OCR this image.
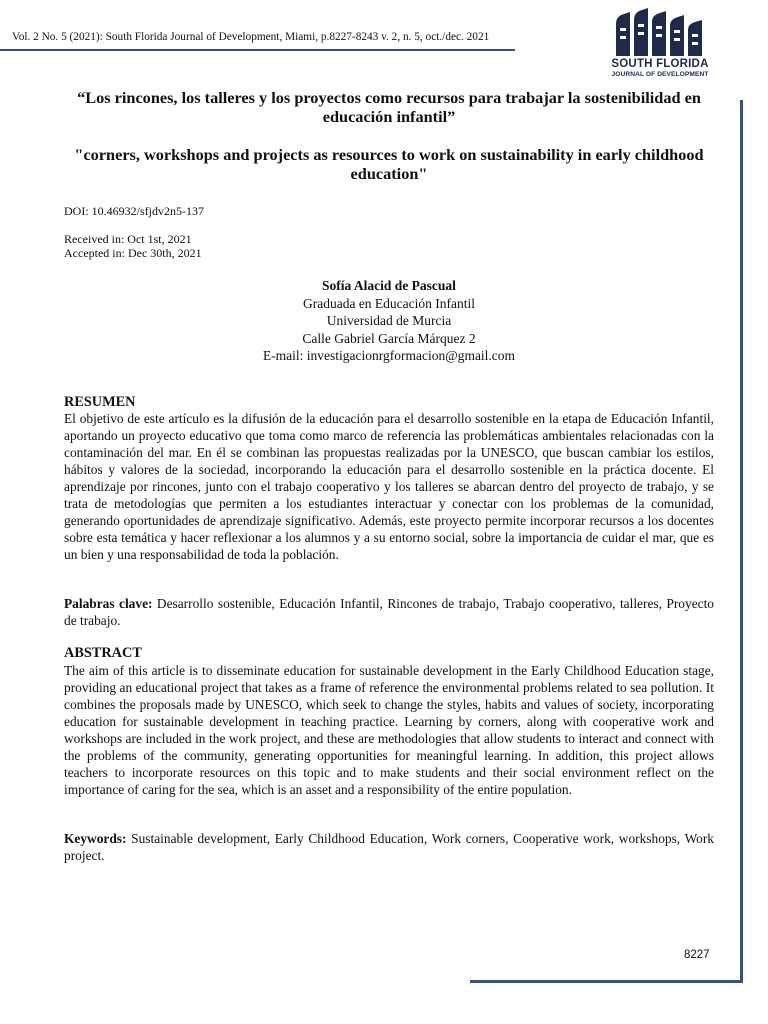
Vol. 2 No. 5 (2021): South Florida Journal of Development, Miami, p.8227-8243 v. 2, n. 5, oct./dec. 2021
SOUTH FLORIDA
JOURNAL OF DEVELOPMENT
“Los rincones, los talleres y los proyectos como recursos para trabajar la sostenibilidad en educación infantil”
"corners, workshops and projects as resources to work on sustainability in early childhood education"
DOI: 10.46932/sfjdv2n5-137
Received in: Oct 1st, 2021
Accepted in: Dec 30th, 2021
Sofía Alacid de Pascual
Graduada en Educación Infantil
Universidad de Murcia
Calle Gabriel García Márquez 2
E-mail: investigacionrgformacion@gmail.com
RESUMEN
El objetivo de este artículo es la difusión de la educación para el desarrollo sostenible en la etapa de Educación Infantil, aportando un proyecto educativo que toma como marco de referencia las problemáticas ambientales relacionadas con la contaminación del mar. En él se combinan las propuestas realizadas por la UNESCO, que buscan cambiar los estilos, hábitos y valores de la sociedad, incorporando la educación para el desarrollo sostenible en la práctica docente. El aprendizaje por rincones, junto con el trabajo cooperativo y los talleres se abarcan dentro del proyecto de trabajo, y se trata de metodologías que permiten a los estudiantes interactuar y conectar con los problemas de la comunidad, generando oportunidades de aprendizaje significativo. Además, este proyecto permite incorporar recursos a los docentes sobre esta temática y hacer reflexionar a los alumnos y a su entorno social, sobre la importancia de cuidar el mar, que es un bien y una responsabilidad de toda la población.
Palabras clave: Desarrollo sostenible, Educación Infantil, Rincones de trabajo, Trabajo cooperativo, talleres, Proyecto de trabajo.
ABSTRACT
The aim of this article is to disseminate education for sustainable development in the Early Childhood Education stage, providing an educational project that takes as a frame of reference the environmental problems related to sea pollution. It combines the proposals made by UNESCO, which seek to change the styles, habits and values of society, incorporating education for sustainable development in teaching practice. Learning by corners, along with cooperative work and workshops are included in the work project, and these are methodologies that allow students to interact and connect with the problems of the community, generating opportunities for meaningful learning. In addition, this project allows teachers to incorporate resources on this topic and to make students and their social environment reflect on the importance of caring for the sea, which is an asset and a responsibility of the entire population.
Keywords: Sustainable development, Early Childhood Education, Work corners, Cooperative work, workshops, Work project.
8227
